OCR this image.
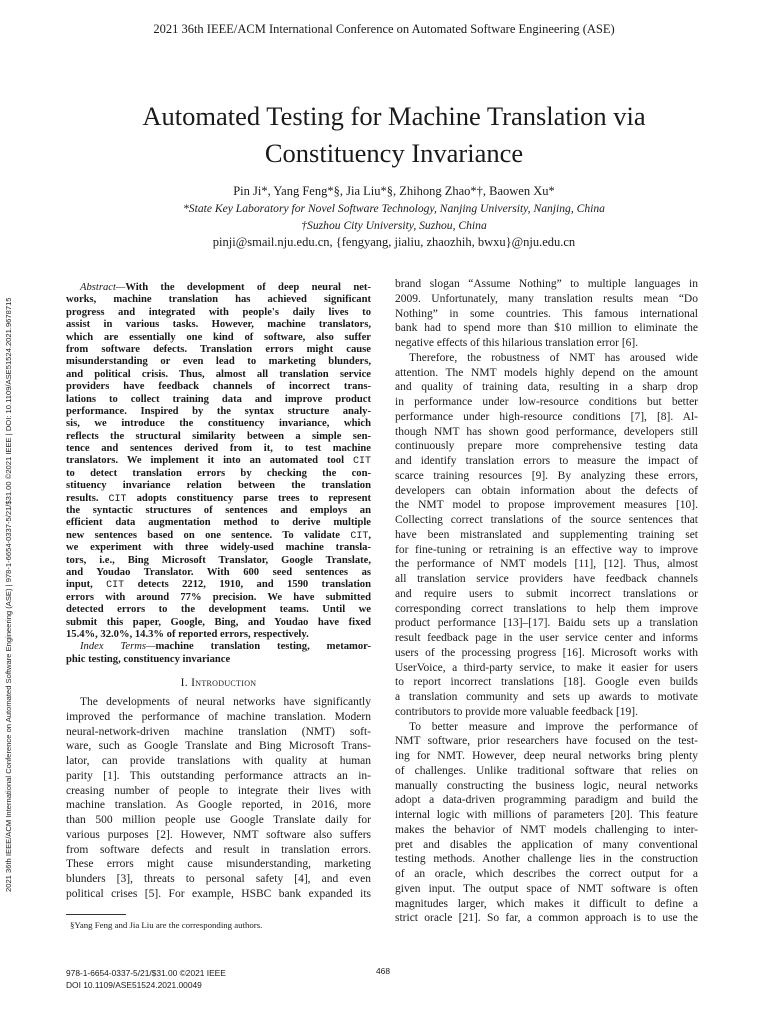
2021 36th IEEE/ACM International Conference on Automated Software Engineering (ASE)
2021 36th IEEE/ACM International Conference on Automated Software Engineering (ASE) | 978-1-6654-0337-5/21/$31.00 ©2021 IEEE | DOI: 10.1109/ASE51524.2021.9678715
Automated Testing for Machine Translation via
Constituency Invariance
Pin Ji*, Yang Feng*§, Jia Liu*§, Zhihong Zhao*†, Baowen Xu*
*State Key Laboratory for Novel Software Technology, Nanjing University, Nanjing, China
†Suzhou City University, Suzhou, China
pinji@smail.nju.edu.cn, {fengyang, jialiu, zhaozhih, bwxu}@nju.edu.cn
Abstract—With the development of deep neural net-
works, machine translation has achieved significant
progress and integrated with people's daily lives to
assist in various tasks. However, machine translators,
which are essentially one kind of software, also suffer
from software defects. Translation errors might cause
misunderstanding or even lead to marketing blunders,
and political crisis. Thus, almost all translation service
providers have feedback channels of incorrect trans-
lations to collect training data and improve product
performance. Inspired by the syntax structure analy-
sis, we introduce the constituency invariance, which
reflects the structural similarity between a simple sen-
tence and sentences derived from it, to test machine
translators. We implement it into an automated tool CIT
to detect translation errors by checking the con-
stituency invariance relation between the translation
results. CIT adopts constituency parse trees to represent
the syntactic structures of sentences and employs an
efficient data augmentation method to derive multiple
new sentences based on one sentence. To validate CIT,
we experiment with three widely-used machine transla-
tors, i.e., Bing Microsoft Translator, Google Translate,
and Youdao Translator. With 600 seed sentences as
input, CIT detects 2212, 1910, and 1590 translation
errors with around 77% precision. We have submitted
detected errors to the development teams. Until we
submit this paper, Google, Bing, and Youdao have fixed
15.4%, 32.0%, 14.3% of reported errors, respectively.
Index Terms—machine translation testing, metamor-
phic testing, constituency invariance
I. Introduction
The developments of neural networks have significantly
improved the performance of machine translation. Modern
neural-network-driven machine translation (NMT) soft-
ware, such as Google Translate and Bing Microsoft Trans-
lator, can provide translations with quality at human
parity [1]. This outstanding performance attracts an in-
creasing number of people to integrate their lives with
machine translation. As Google reported, in 2016, more
than 500 million people use Google Translate daily for
various purposes [2]. However, NMT software also suffers
from software defects and result in translation errors.
These errors might cause misunderstanding, marketing
blunders [3], threats to personal safety [4], and even
political crises [5]. For example, HSBC bank expanded its
brand slogan “Assume Nothing” to multiple languages in
2009. Unfortunately, many translation results mean “Do
Nothing” in some countries. This famous international
bank had to spend more than $10 million to eliminate the
negative effects of this hilarious translation error [6].
Therefore, the robustness of NMT has aroused wide
attention. The NMT models highly depend on the amount
and quality of training data, resulting in a sharp drop
in performance under low-resource conditions but better
performance under high-resource conditions [7], [8]. Al-
though NMT has shown good performance, developers still
continuously prepare more comprehensive testing data
and identify translation errors to measure the impact of
scarce training resources [9]. By analyzing these errors,
developers can obtain information about the defects of
the NMT model to propose improvement measures [10].
Collecting correct translations of the source sentences that
have been mistranslated and supplementing training set
for fine-tuning or retraining is an effective way to improve
the performance of NMT models [11], [12]. Thus, almost
all translation service providers have feedback channels
and require users to submit incorrect translations or
corresponding correct translations to help them improve
product performance [13]–[17]. Baidu sets up a translation
result feedback page in the user service center and informs
users of the processing progress [16]. Microsoft works with
UserVoice, a third-party service, to make it easier for users
to report incorrect translations [18]. Google even builds
a translation community and sets up awards to motivate
contributors to provide more valuable feedback [19].
To better measure and improve the performance of
NMT software, prior researchers have focused on the test-
ing for NMT. However, deep neural networks bring plenty
of challenges. Unlike traditional software that relies on
manually constructing the business logic, neural networks
adopt a data-driven programming paradigm and build the
internal logic with millions of parameters [20]. This feature
makes the behavior of NMT models challenging to inter-
pret and disables the application of many conventional
testing methods. Another challenge lies in the construction
of an oracle, which describes the correct output for a
given input. The output space of NMT software is often
magnitudes larger, which makes it difficult to define a
strict oracle [21]. So far, a common approach is to use the
§Yang Feng and Jia Liu are the corresponding authors.
978-1-6654-0337-5/21/$31.00 ©2021 IEEE
DOI 10.1109/ASE51524.2021.00049
468
